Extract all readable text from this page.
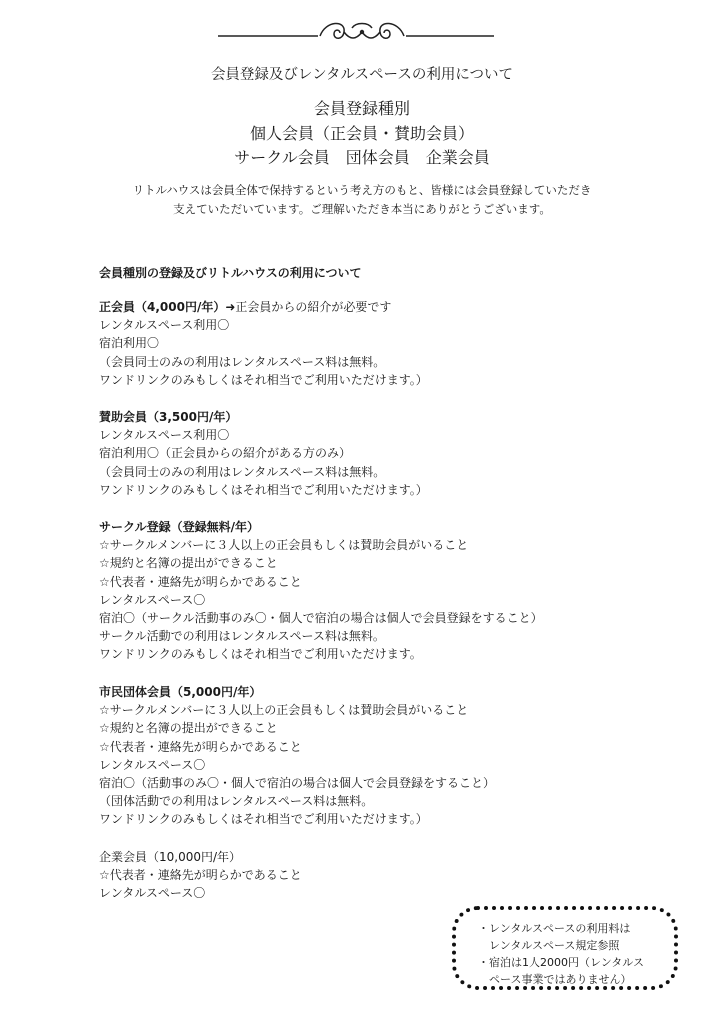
会員登録及びレンタルスペースの利用について
会員登録種別
個人会員（正会員・賛助会員）
サークル会員　団体会員　企業会員
リトルハウスは会員全体で保持するという考え方のもと、皆様には会員登録していただき
支えていただいています。ご理解いただき本当にありがとうございます。
会員種別の登録及びリトルハウスの利用について
正会員（4,000円/年）➜正会員からの紹介が必要です
レンタルスペース利用〇
宿泊利用〇
（会員同士のみの利用はレンタルスペース料は無料。
ワンドリンクのみもしくはそれ相当でご利用いただけます。）
賛助会員（3,500円/年）
レンタルスペース利用〇
宿泊利用〇（正会員からの紹介がある方のみ）
（会員同士のみの利用はレンタルスペース料は無料。
ワンドリンクのみもしくはそれ相当でご利用いただけます。）
サークル登録（登録無料/年）
☆サークルメンバーに３人以上の正会員もしくは賛助会員がいること
☆規約と名簿の提出ができること
☆代表者・連絡先が明らかであること
レンタルスペース〇
宿泊〇（サークル活動事のみ〇・個人で宿泊の場合は個人で会員登録をすること）
サークル活動での利用はレンタルスペース料は無料。
ワンドリンクのみもしくはそれ相当でご利用いただけます。
市民団体会員（5,000円/年）
☆サークルメンバーに３人以上の正会員もしくは賛助会員がいること
☆規約と名簿の提出ができること
☆代表者・連絡先が明らかであること
レンタルスペース〇
宿泊〇（活動事のみ〇・個人で宿泊の場合は個人で会員登録をすること）
（団体活動での利用はレンタルスペース料は無料。
ワンドリンクのみもしくはそれ相当でご利用いただけます。）
企業会員（10,000円/年）
☆代表者・連絡先が明らかであること
レンタルスペース〇
・レンタルスペースの利用料は
　レンタルスペース規定参照
・宿泊は1人2000円（レンタルス
　ペース事業ではありません）
